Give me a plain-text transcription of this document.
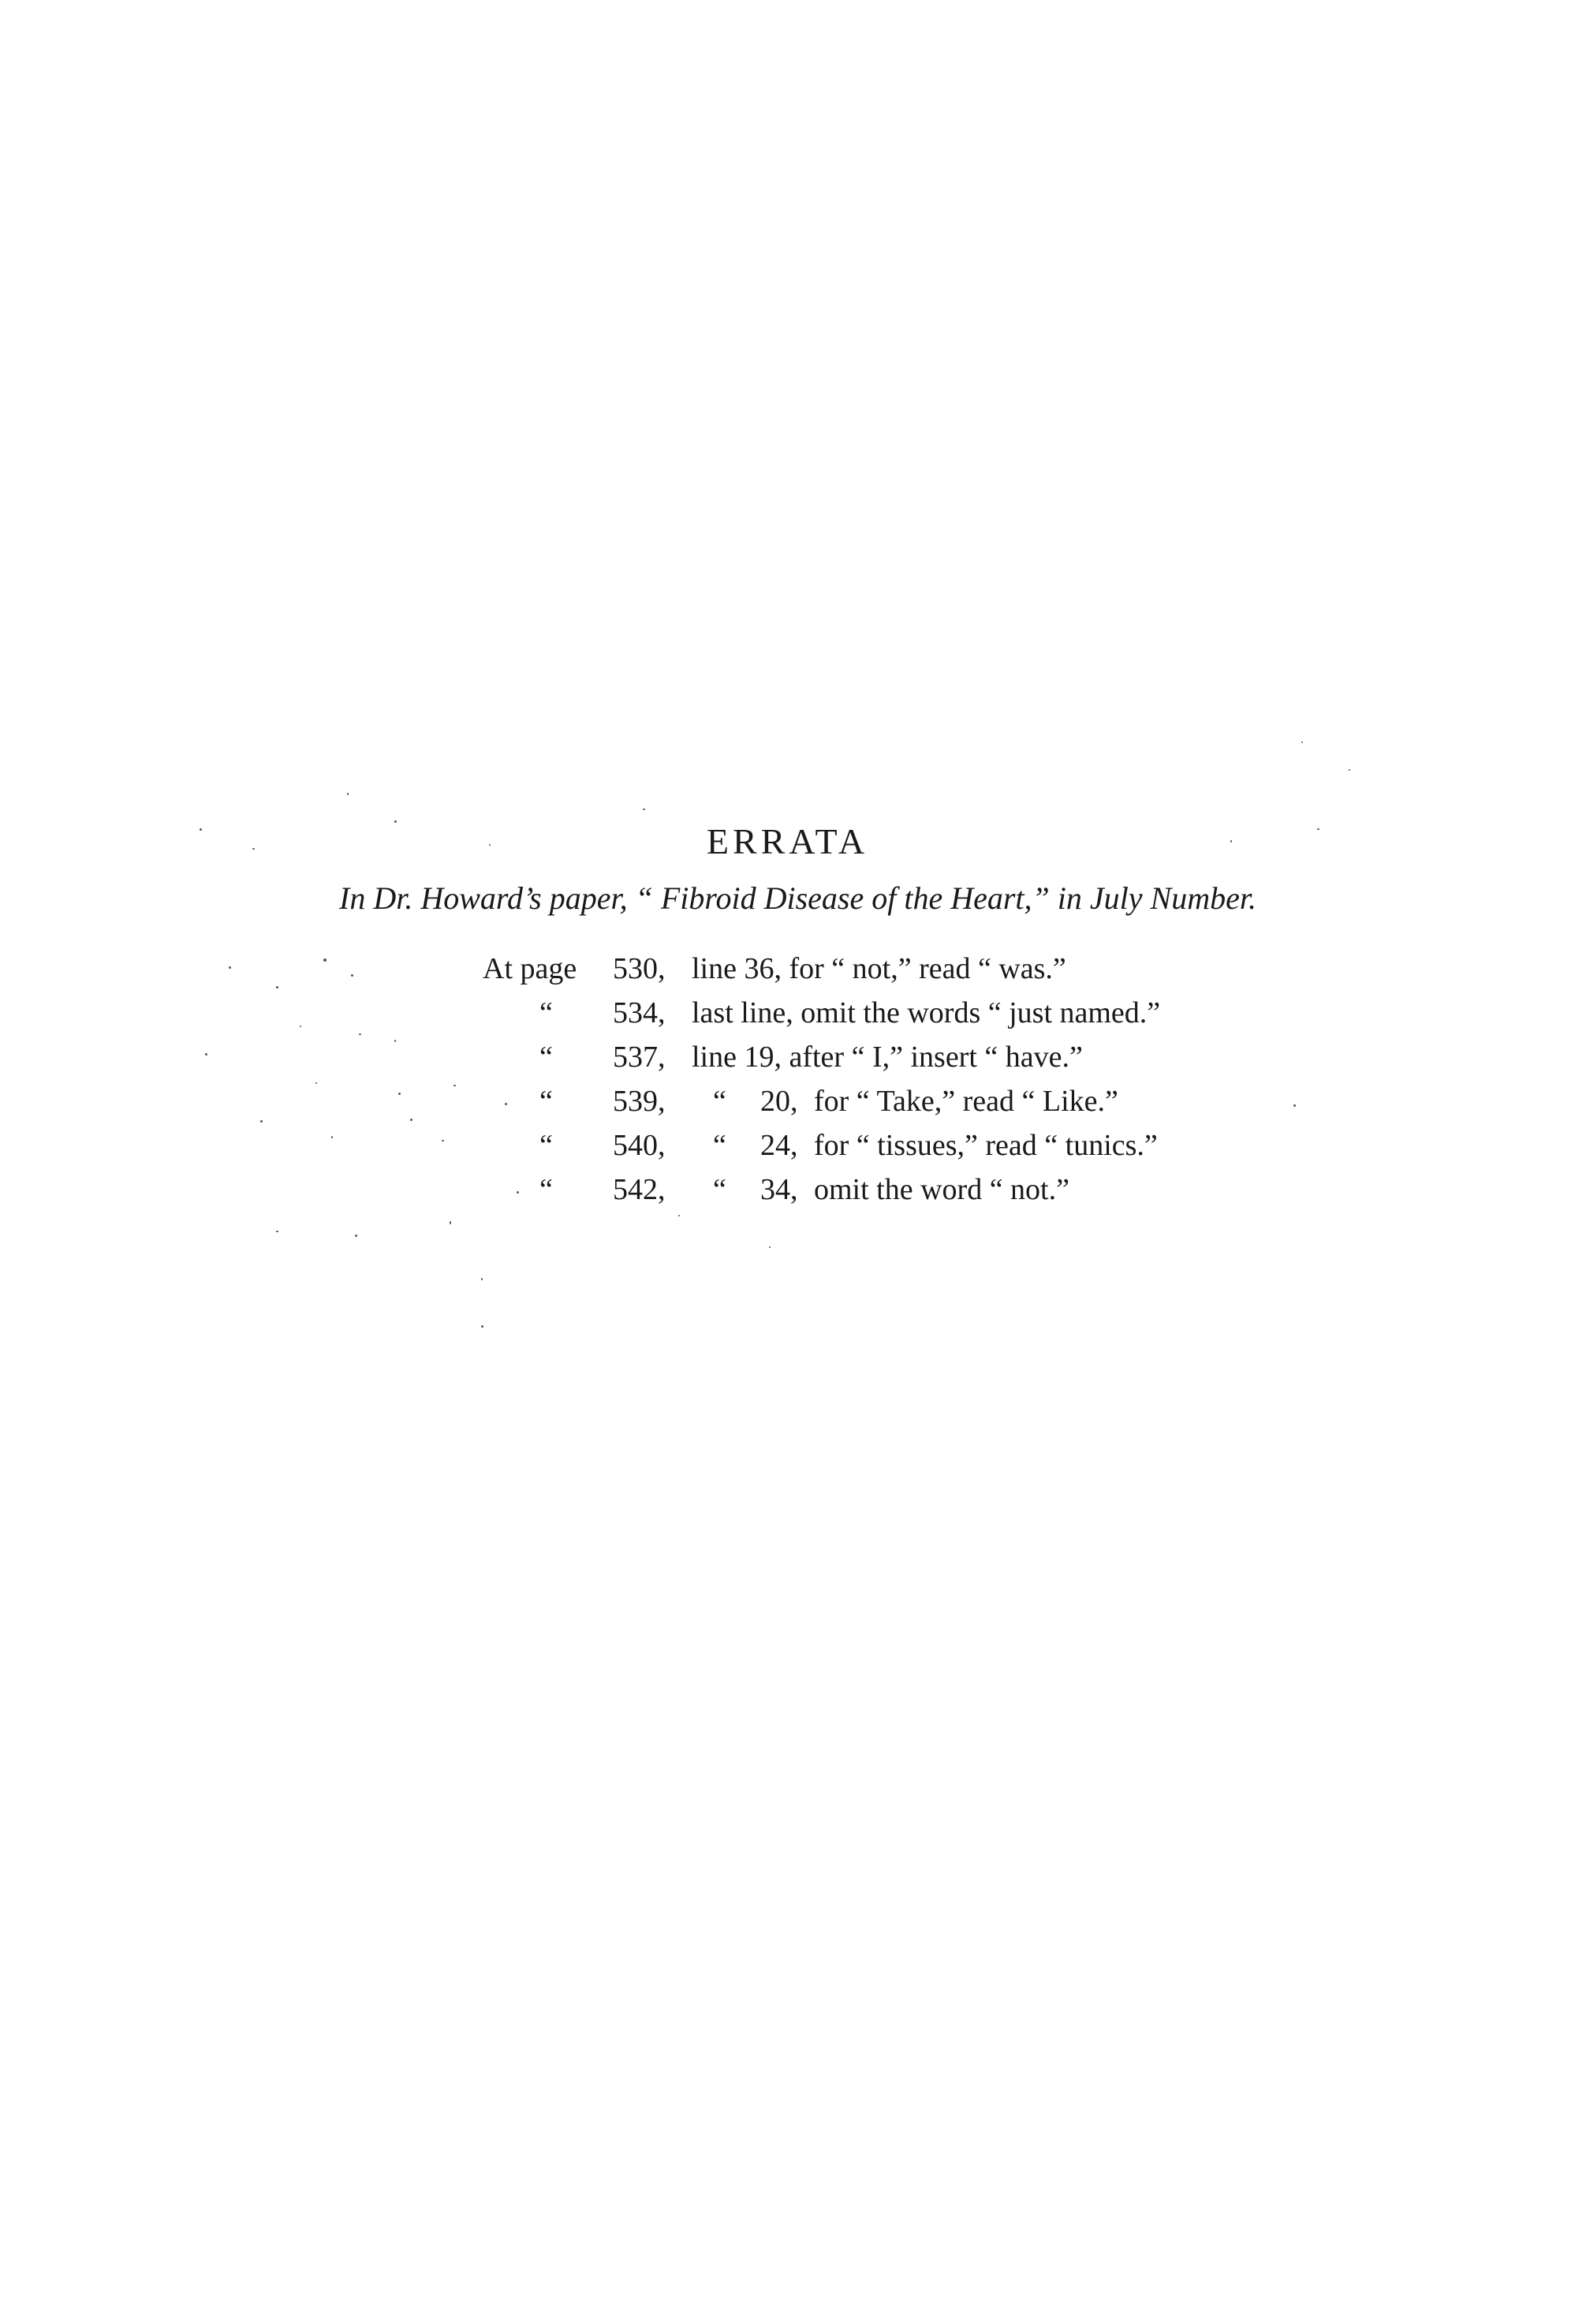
ERRATA
In Dr. Howard’s paper, “ Fibroid Disease of the Heart,” in July Number.
At page 530, line 36, for “ not,” read “ was.”
“ 534, last line, omit the words “ just named.”
“ 537, line 19, after “ I,” insert “ have.”
“ 539,	“ 20, for “ Take,” read “ Like.”
“ 540,	“ 24, for “ tissues,” read “ tunics.”
“ 542,	“ 34, omit the word “ not.”
